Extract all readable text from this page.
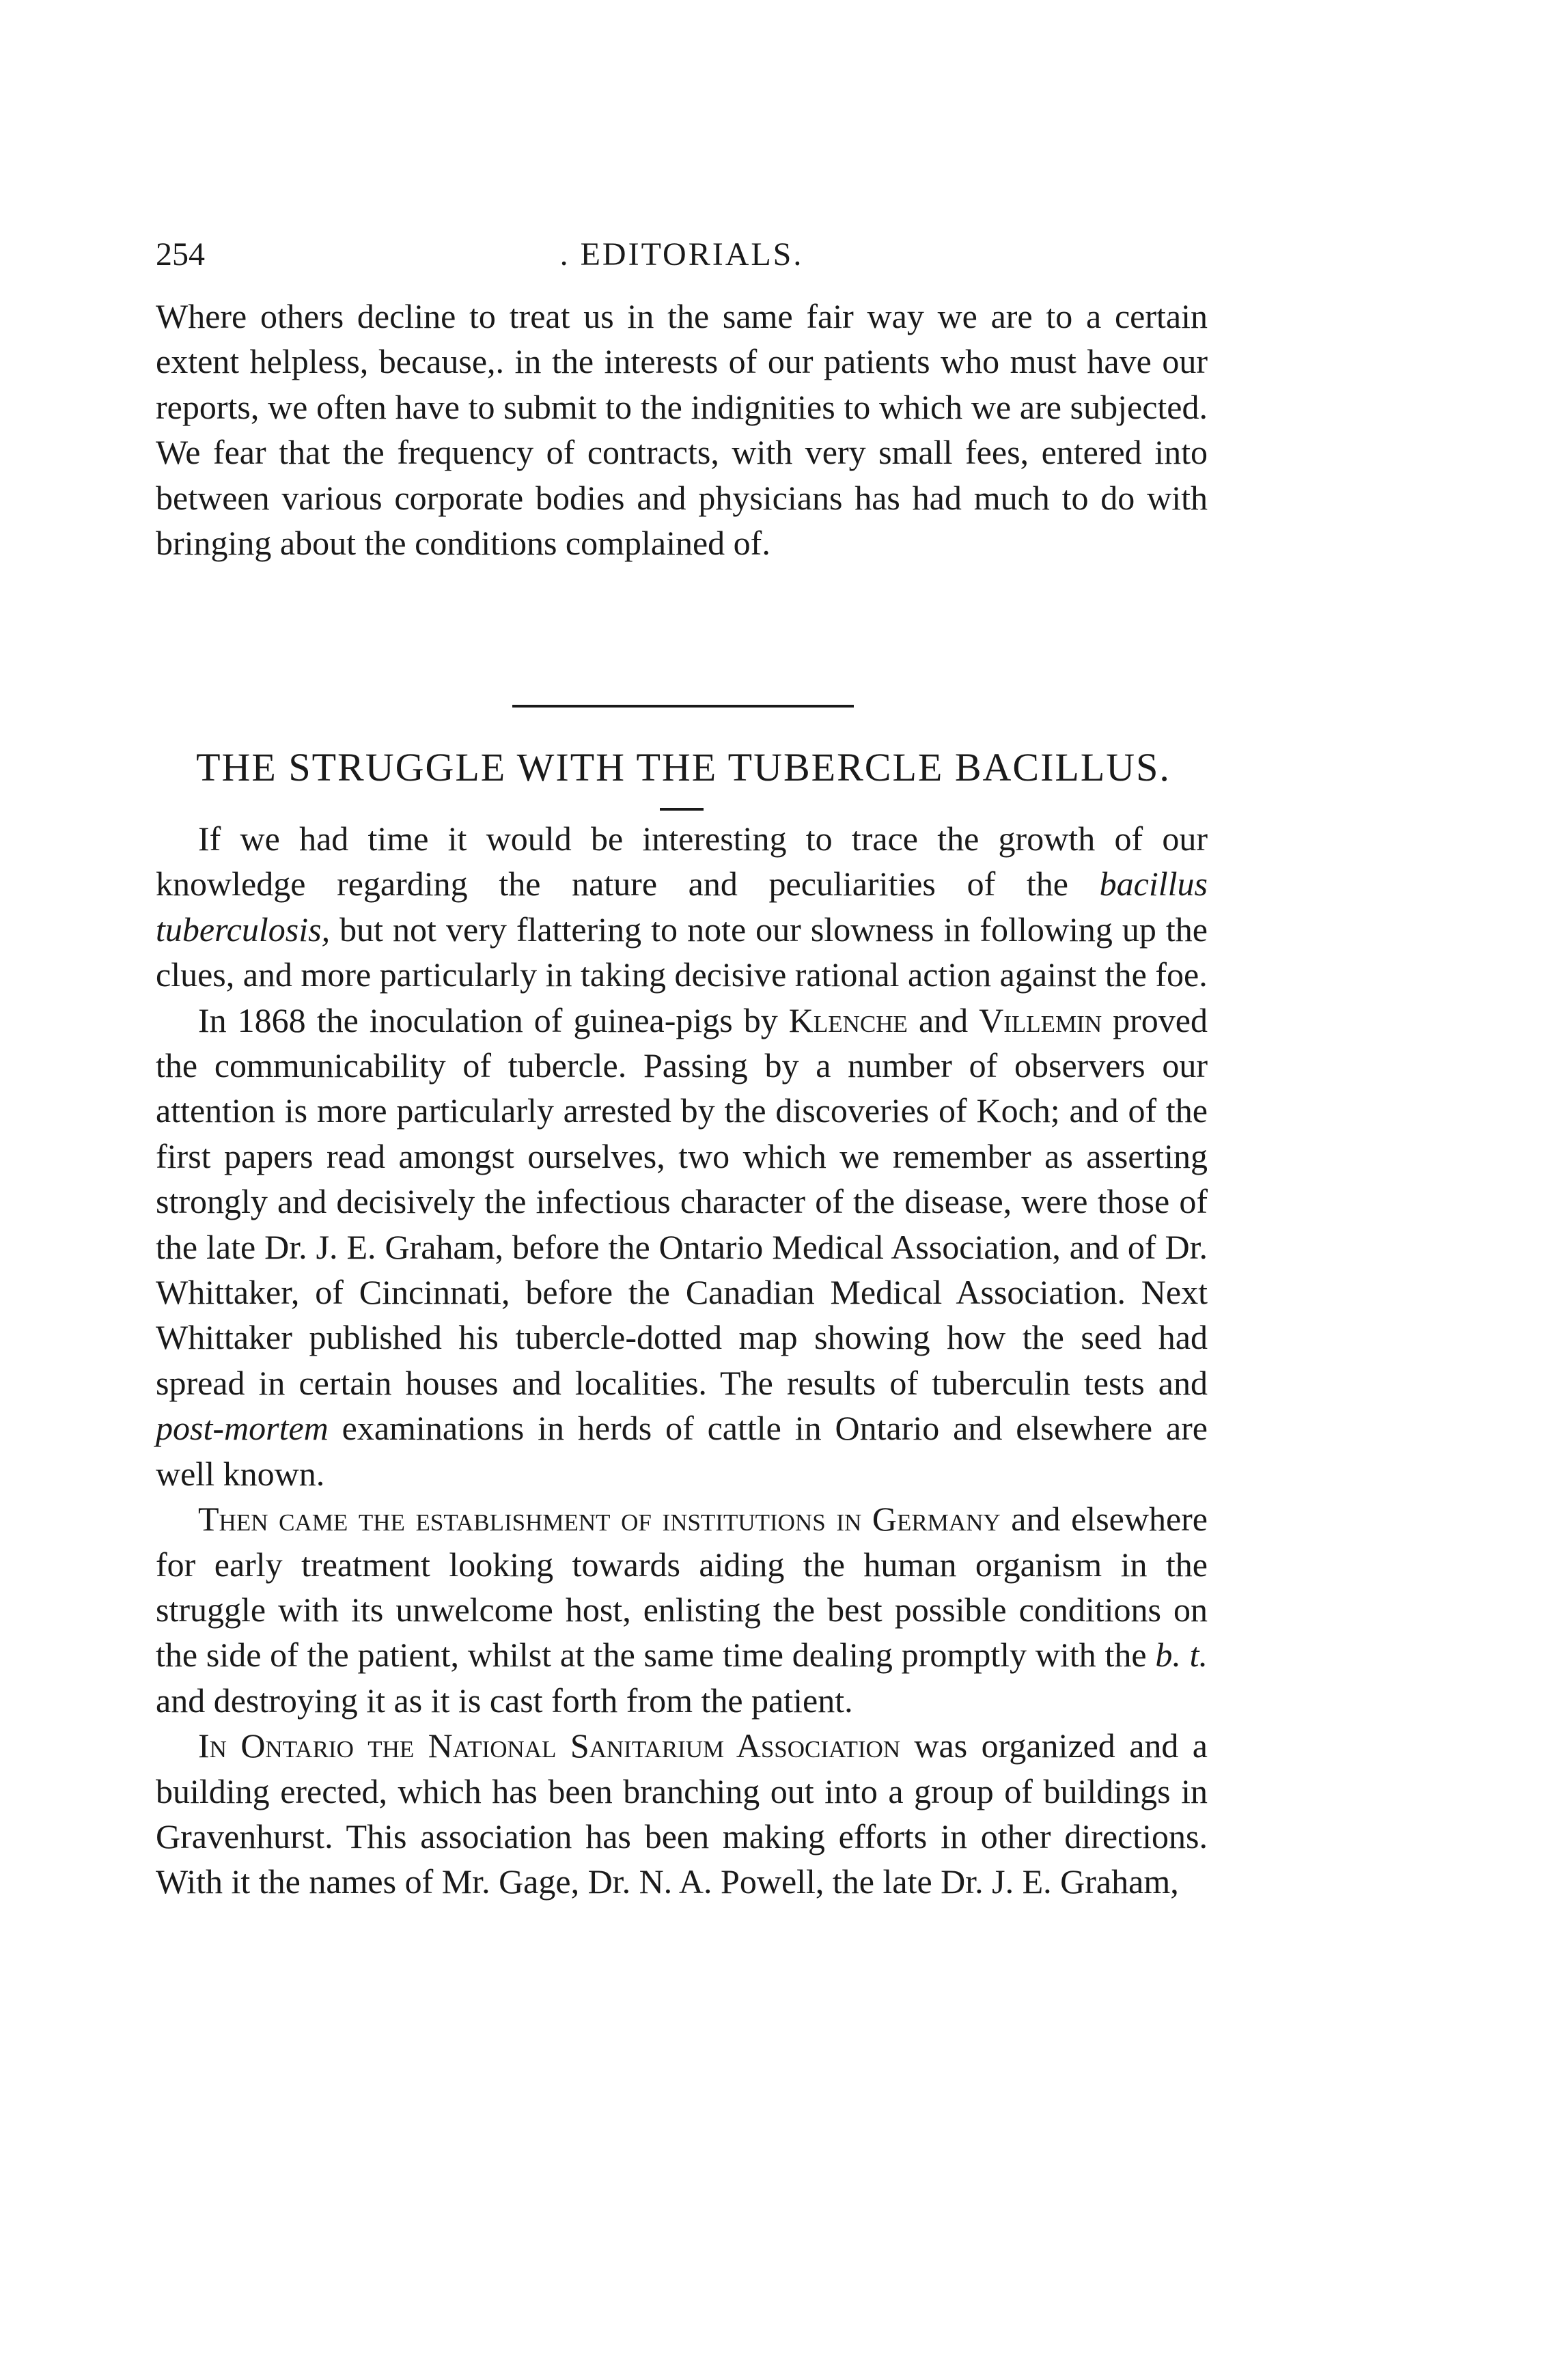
254	. EDITORIALS.

Where others decline to treat us in the same fair way we are to a certain extent helpless, because,. in the interests of our patients who must have our reports, we often have to submit to the indignities to which we are subjected. We fear that the frequency of contracts, with very small fees, entered into between various corporate bodies and physicians has had much to do with bringing about the conditions complained of.

THE STRUGGLE WITH THE TUBERCLE BACILLUS.

If we had time it would be interesting to trace the growth of our knowledge regarding the nature and peculiarities of the bacillus tuberculosis, but not very flattering to note our slowness in following up the clues, and more particularly in taking decisive rational action against the foe.

In 1868 the inoculation of guinea-pigs by Klenche and Villemin proved the communicability of tubercle. Passing by a number of observers our attention is more particularly arrested by the discoveries of Koch; and of the first papers read amongst ourselves, two which we remember as asserting strongly and decisively the infectious character of the disease, were those of the late Dr. J. E. Graham, before the Ontario Medical Association, and of Dr. Whittaker, of Cincinnati, before the Canadian Medical Association. Next Whittaker published his tubercle-dotted map showing how the seed had spread in certain houses and localities. The results of tuberculin tests and post-mortem examinations in herds of cattle in Ontario and elsewhere are well known.

Then came the establishment of institutions in Germany and elsewhere for early treatment looking towards aiding the human organism in the struggle with its unwelcome host, enlisting the best possible conditions on the side of the patient, whilst at the same time dealing promptly with the b. t. and destroying it as it is cast forth from the patient.

In Ontario the National Sanitarium Association was organized and a building erected, which has been branching out into a group of buildings in Gravenhurst. This association has been making efforts in other directions. With it the names of Mr. Gage, Dr. N. A. Powell, the late Dr. J. E. Graham,
